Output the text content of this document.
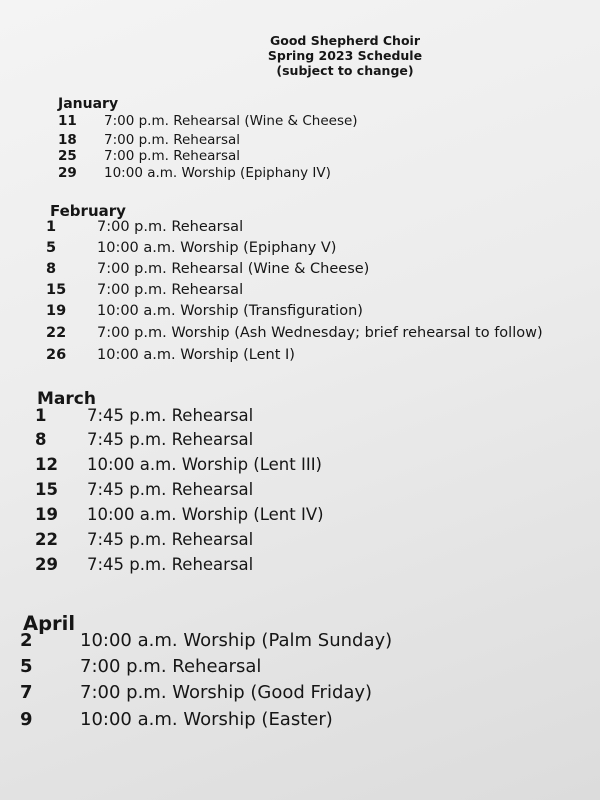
Good Shepherd Choir
Spring 2023 Schedule
(subject to change)
January
11 7:00 p.m. Rehearsal (Wine & Cheese)
18 7:00 p.m. Rehearsal
25 7:00 p.m. Rehearsal
29 10:00 a.m. Worship (Epiphany IV)
February
1	7:00 p.m. Rehearsal
5	10:00 a.m. Worship (Epiphany V)
8	7:00 p.m. Rehearsal (Wine & Cheese)
15 7:00 p.m. Rehearsal
19 10:00 a.m. Worship (Transfiguration)
22 7:00 p.m. Worship (Ash Wednesday; brief rehearsal to follow)
26 10:00 a.m. Worship (Lent I)
March
1 7:45 p.m. Rehearsal
8 7:45 p.m. Rehearsal
12 10:00 a.m. Worship (Lent III)
15 7:45 p.m. Rehearsal
19 10:00 a.m. Worship (Lent IV)
22 7:45 p.m. Rehearsal
29 7:45 p.m. Rehearsal
April
2	10:00 a.m. Worship (Palm Sunday)
5	7:00 p.m. Rehearsal
7	7:00 p.m. Worship (Good Friday)
9	10:00 a.m. Worship (Easter)
